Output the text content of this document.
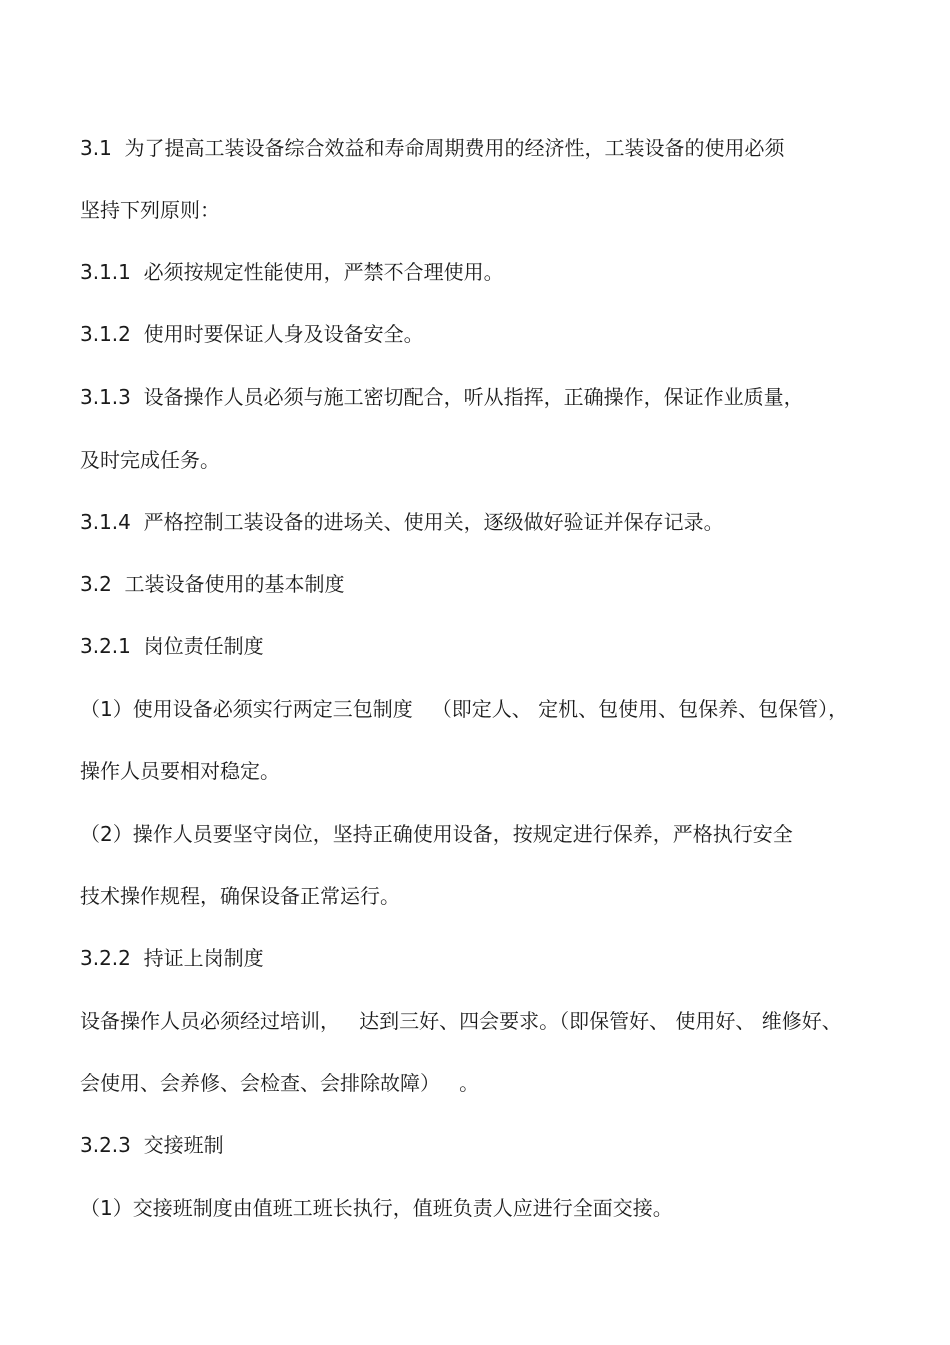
3.1  为了提高工装设备综合效益和寿命周期费用的经济性，工装设备的使用必须
坚持下列原则：
3.1.1  必须按规定性能使用，严禁不合理使用。
3.1.2  使用时要保证人身及设备安全。
3.1.3  设备操作人员必须与施工密切配合，听从指挥，正确操作，保证作业质量，
及时完成任务。
3.1.4  严格控制工装设备的进场关、使用关，逐级做好验证并保存记录。
3.2  工装设备使用的基本制度
3.2.1  岗位责任制度
（1）使用设备必须实行两定三包制度   （即定人、 定机、包使用、包保养、包保管），
操作人员要相对稳定。
（2）操作人员要坚守岗位，坚持正确使用设备，按规定进行保养，严格执行安全
技术操作规程，确保设备正常运行。
3.2.2  持证上岗制度
设备操作人员必须经过培训，   达到三好、四会要求。（即保管好、 使用好、 维修好、
会使用、会养修、会检查、会排除故障）   。
3.2.3  交接班制
（1）交接班制度由值班工班长执行，值班负责人应进行全面交接。
